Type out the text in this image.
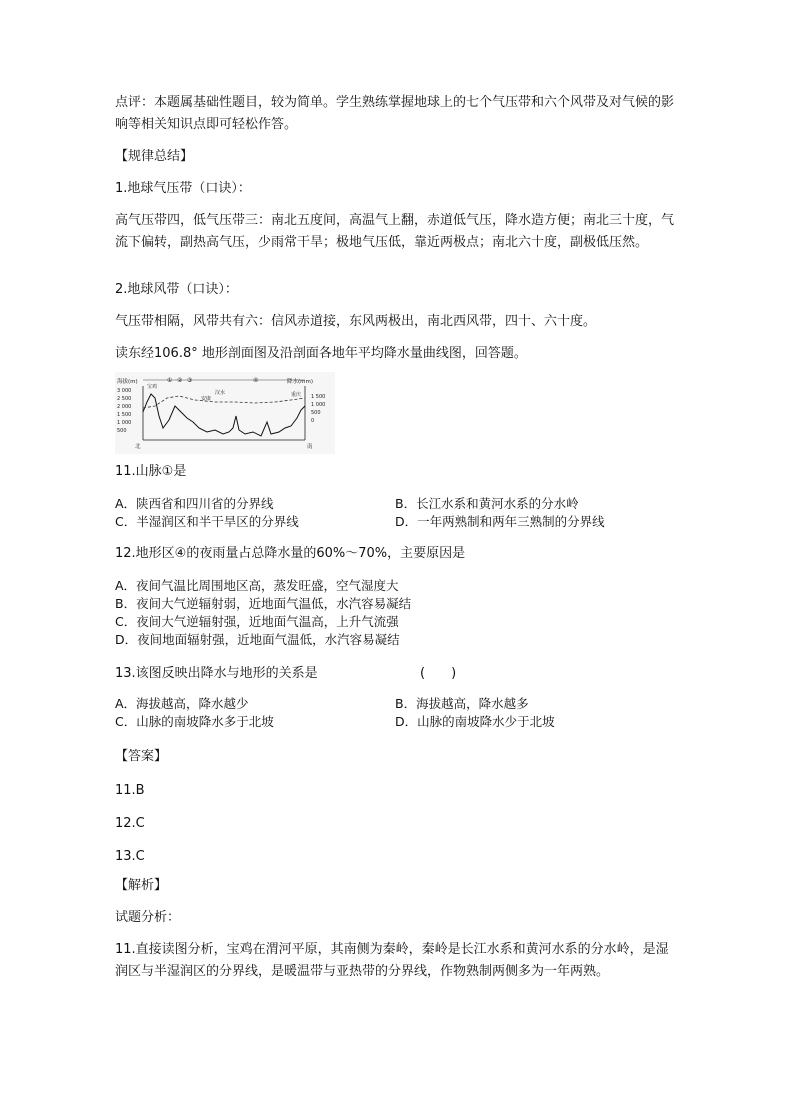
点评：本题属基础性题目，较为简单。学生熟练掌握地球上的七个气压带和六个风带及对气候的影响等相关知识点即可轻松作答。
【规律总结】
1.地球气压带（口诀）：
高气压带四，低气压带三：南北五度间，高温气上翻，赤道低气压，降水造方便；南北三十度，气流下偏转，副热高气压，少雨常干旱；极地气压低，靠近两极点；南北六十度，副极低压然。
2.地球风带（口诀）：
气压带相隔，风带共有六：信风赤道接，东风两极出，南北西风带，四十、六十度。
读东经106.8° 地形剖面图及沿剖面各地年平均降水量曲线图，回答题。
海拔(m)	降水(mm)
① ② ③	④
3 000
2 500
2 000
1 500
1 000
500
1 500
1 000
500
0
宝鸡
重庆
安康
汉水
北	南
11.山脉①是
A．陕西省和四川省的分界线	B．长江水系和黄河水系的分水岭
C．半湿润区和半干旱区的分界线	D．一年两熟制和两年三熟制的分界线
12.地形区④的夜雨量占总降水量的60%～70%，主要原因是
A．夜间气温比周围地区高，蒸发旺盛，空气湿度大
B．夜间大气逆辐射弱，近地面气温低，水汽容易凝结
C．夜间大气逆辐射强，近地面气温高，上升气流强
D．夜间地面辐射强，近地面气温低，水汽容易凝结
13.该图反映出降水与地形的关系是	(　　)
A．海拔越高，降水越少	B．海拔越高，降水越多
C．山脉的南坡降水多于北坡	D．山脉的南坡降水少于北坡
【答案】
11.B
12.C
13.C
【解析】
试题分析：
11.直接读图分析，宝鸡在渭河平原，其南侧为秦岭，秦岭是长江水系和黄河水系的分水岭，是湿润区与半湿润区的分界线，是暖温带与亚热带的分界线，作物熟制两侧多为一年两熟。
